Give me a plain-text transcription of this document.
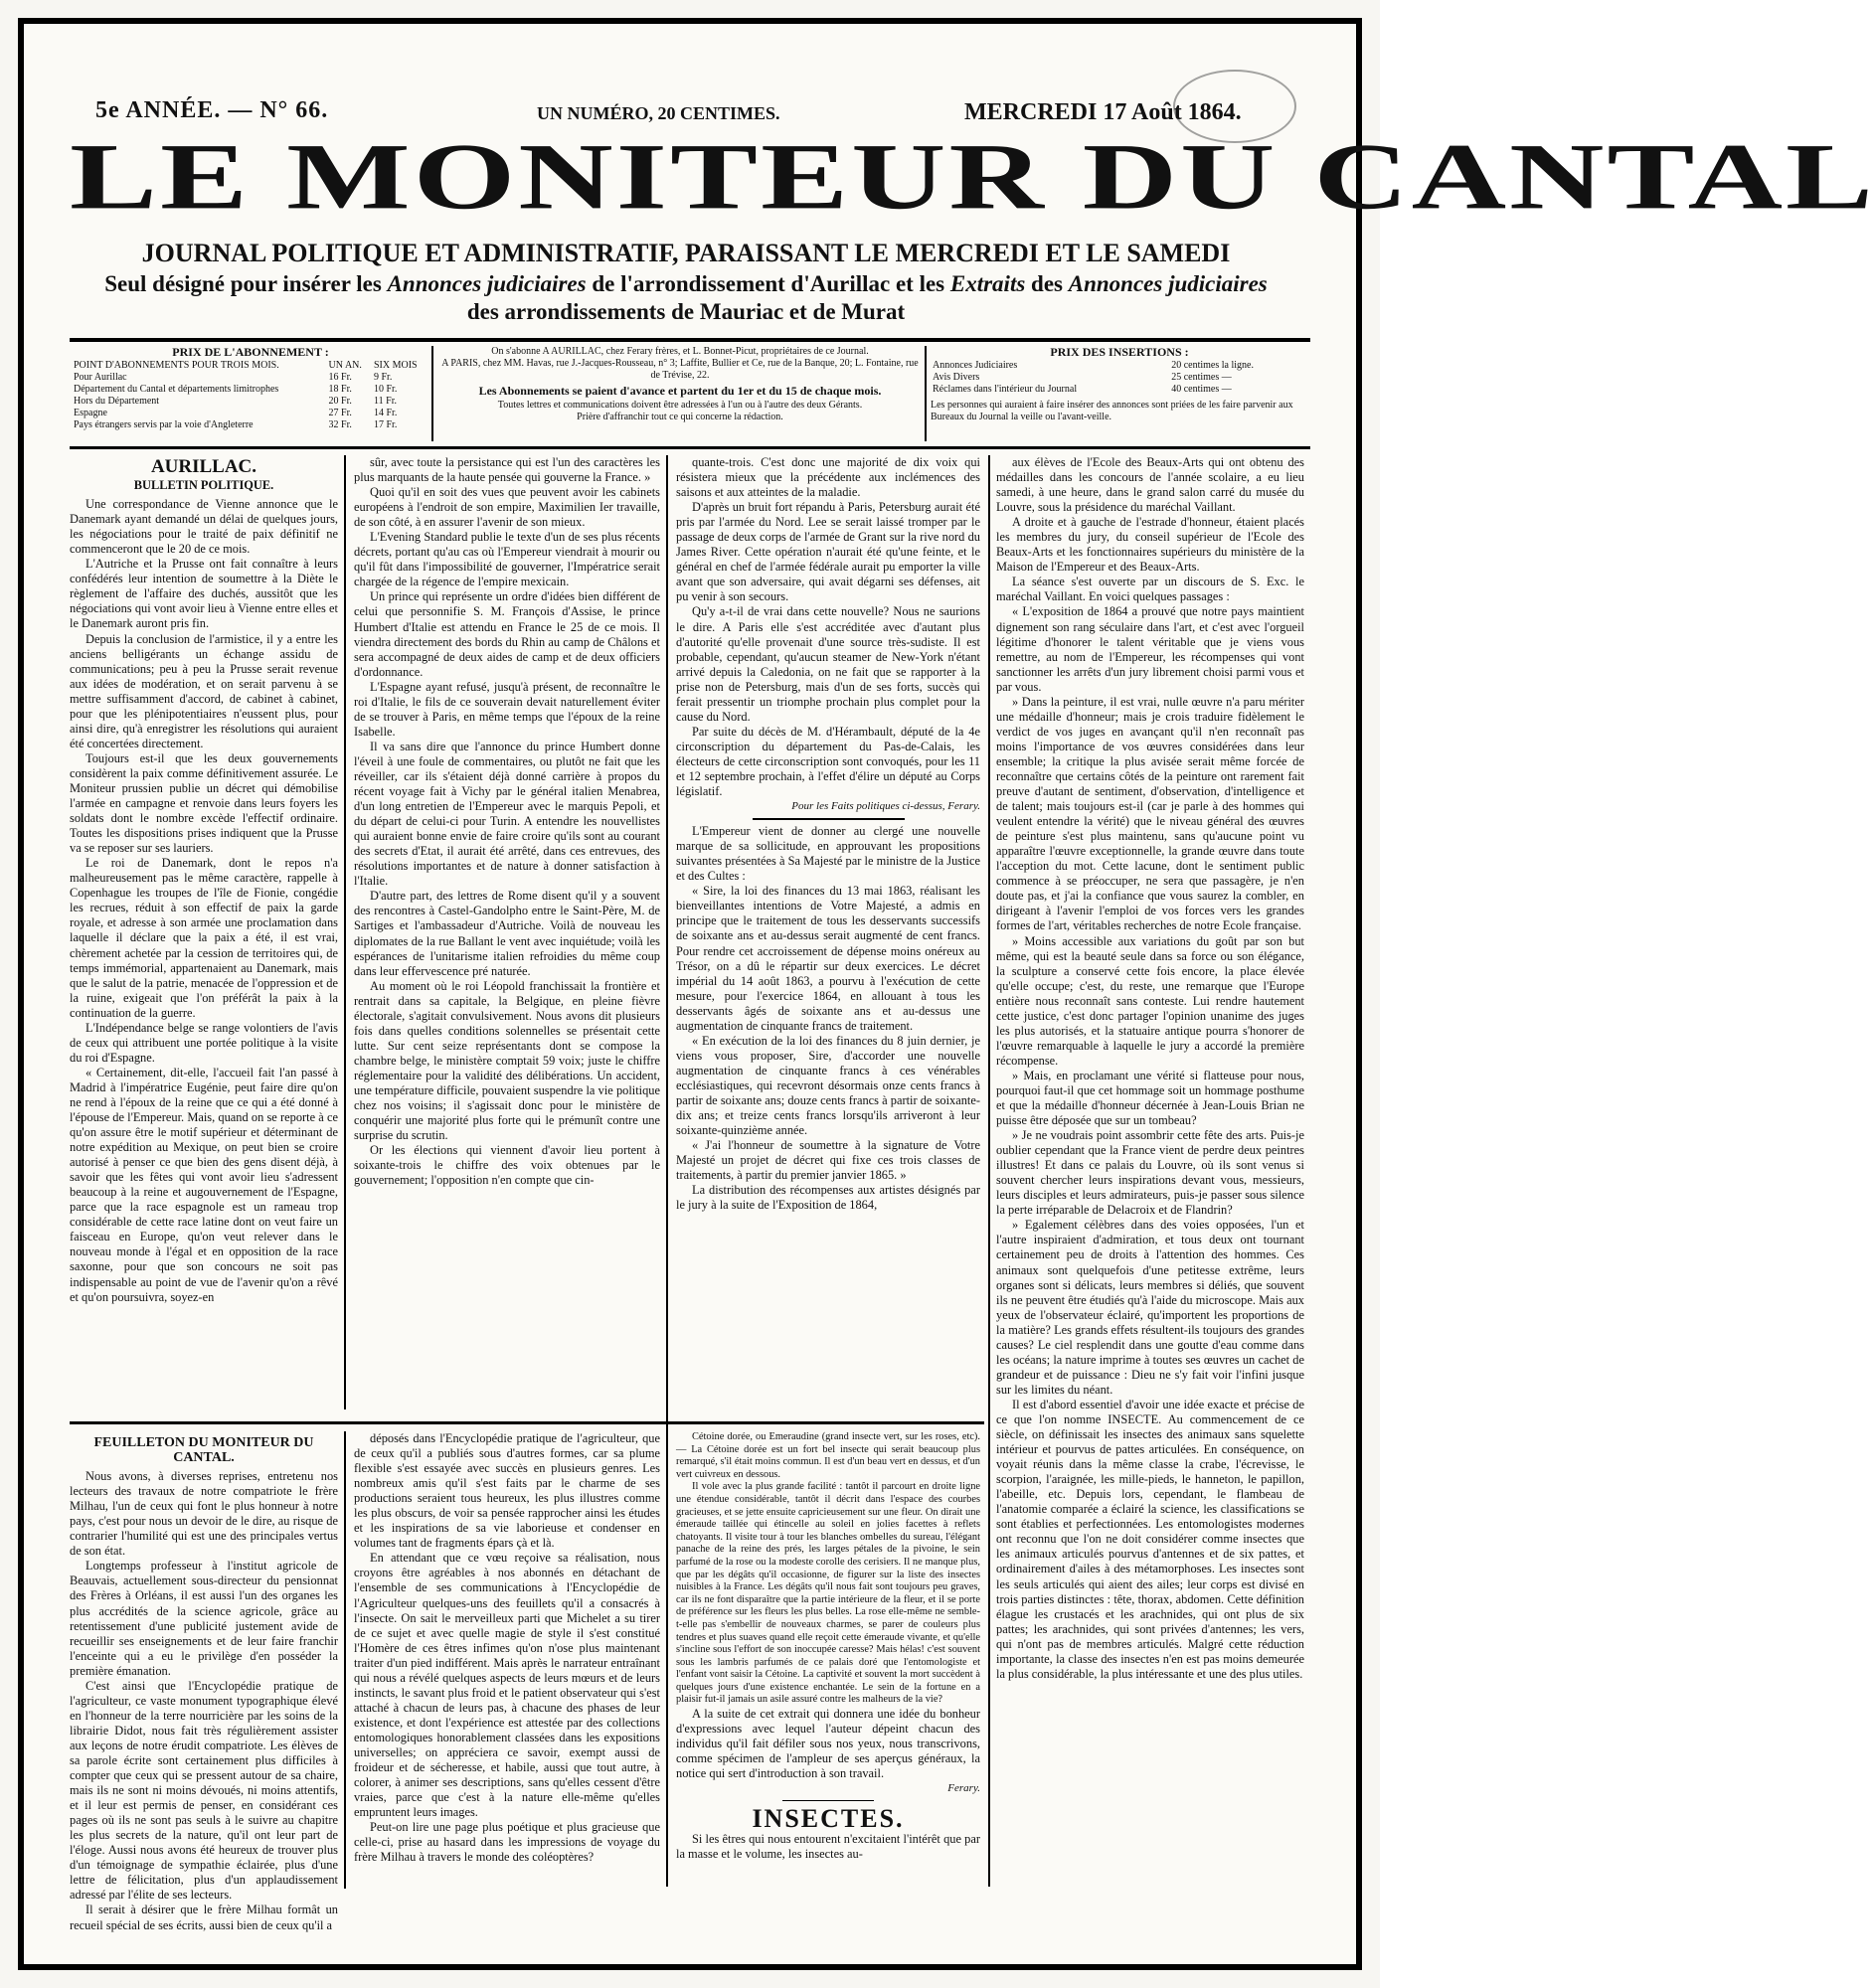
5e ANNÉE. — N° 66.	UN NUMÉRO, 20 CENTIMES.	MERCREDI 17 Août 1864.
LE MONITEUR DU CANTAL
JOURNAL POLITIQUE ET ADMINISTRATIF, PARAISSANT LE MERCREDI ET LE SAMEDI
Seul désigné pour insérer les Annonces judiciaires de l'arrondissement d'Aurillac et les Extraits des Annonces judiciaires
des arrondissements de Mauriac et de Murat
PRIX DE L'ABONNEMENT :
POINT D'ABONNEMENTS POUR TROIS MOIS.	UN AN.	SIX MOIS
Pour Aurillac	16 Fr.	9 Fr.
Département du Cantal et départements limitrophes	18 Fr.	10 Fr.
Hors du Département	20 Fr.	11 Fr.
Espagne	27 Fr.	14 Fr.
Pays étrangers servis par la voie d'Angleterre	32 Fr.	17 Fr.
On s'abonne A AURILLAC, chez Ferary frères, et L. Bonnet-Picut, propriétaires de ce Journal.
A PARIS, chez MM. Havas, rue J.-Jacques-Rousseau, n° 3; Laffite, Bullier et Ce, rue de la Banque, 20; L. Fontaine, rue de Trévise, 22.
Les Abonnements se paient d'avance et partent du 1er et du 15 de chaque mois.
Toutes lettres et communications doivent être adressées à l'un ou à l'autre des deux Gérants.
Prière d'affranchir tout ce qui concerne la rédaction.
PRIX DES INSERTIONS :
Annonces Judiciaires	20 centimes la ligne.
Avis Divers	25 centimes —
Réclames dans l'intérieur du Journal	40 centimes —
Les personnes qui auraient à faire insérer des annonces sont priées de les faire parvenir aux Bureaux du Journal la veille ou l'avant-veille.
AURILLAC.
BULLETIN POLITIQUE.

Une correspondance de Vienne annonce que le Danemark ayant demandé un délai de quelques jours, les négociations pour le traité de paix définitif ne commenceront que le 20 de ce mois.

L'Autriche et la Prusse ont fait connaître à leurs confédérés leur intention de soumettre à la Diète le règlement de l'affaire des duchés, aussitôt que les négociations qui vont avoir lieu à Vienne entre elles et le Danemark auront pris fin.

Depuis la conclusion de l'armistice, il y a entre les anciens belligérants un échange assidu de communications; peu à peu la Prusse serait revenue aux idées de modération, et on serait parvenu à se mettre suffisamment d'accord, de cabinet à cabinet, pour que les plénipotentiaires n'eussent plus, pour ainsi dire, qu'à enregistrer les résolutions qui auraient été concertées directement.

Toujours est-il que les deux gouvernements considèrent la paix comme définitivement assurée. Le Moniteur prussien publie un décret qui démobilise l'armée en campagne et renvoie dans leurs foyers les soldats dont le nombre excède l'effectif ordinaire. Toutes les dispositions prises indiquent que la Prusse va se reposer sur ses lauriers.

Le roi de Danemark, dont le repos n'a malheureusement pas le même caractère, rappelle à Copenhague les troupes de l'île de Fionie, congédie les recrues, réduit à son effectif de paix la garde royale, et adresse à son armée une proclamation dans laquelle il déclare que la paix a été, il est vrai, chèrement achetée par la cession de territoires qui, de temps immémorial, appartenaient au Danemark, mais que le salut de la patrie, menacée de l'oppression et de la ruine, exigeait que l'on préférât la paix à la continuation de la guerre.

L'Indépendance belge se range volontiers de l'avis de ceux qui attribuent une portée politique à la visite du roi d'Espagne.

« Certainement, dit-elle, l'accueil fait l'an passé à Madrid à l'impératrice Eugénie, peut faire dire qu'on ne rend à l'époux de la reine que ce qui a été donné à l'épouse de l'Empereur. Mais, quand on se reporte à ce qu'on assure être le motif supérieur et déterminant de notre expédition au Mexique, on peut bien se croire autorisé à penser ce que bien des gens disent déjà, à savoir que les fêtes qui vont avoir lieu s'adressent beaucoup à la reine et augouvernement de l'Espagne, parce que la race espagnole est un rameau trop considérable de cette race latine dont on veut faire un faisceau en Europe, qu'on veut relever dans le nouveau monde à l'égal et en opposition de la race saxonne, pour que son concours ne soit pas indispensable au point de vue de l'avenir qu'on a rêvé et qu'on poursuivra, soyez-en

sûr, avec toute la persistance qui est l'un des caractères les plus marquants de la haute pensée qui gouverne la France. »

Quoi qu'il en soit des vues que peuvent avoir les cabinets européens à l'endroit de son empire, Maximilien Ier travaille, de son côté, à en assurer l'avenir de son mieux.

L'Evening Standard publie le texte d'un de ses plus récents décrets, portant qu'au cas où l'Empereur viendrait à mourir ou qu'il fût dans l'impossibilité de gouverner, l'Impératrice serait chargée de la régence de l'empire mexicain.

Un prince qui représente un ordre d'idées bien différent de celui que personnifie S. M. François d'Assise, le prince Humbert d'Italie est attendu en France le 25 de ce mois. Il viendra directement des bords du Rhin au camp de Châlons et sera accompagné de deux aides de camp et de deux officiers d'ordonnance.

L'Espagne ayant refusé, jusqu'à présent, de reconnaître le roi d'Italie, le fils de ce souverain devait naturellement éviter de se trouver à Paris, en même temps que l'époux de la reine Isabelle.

Il va sans dire que l'annonce du prince Humbert donne l'éveil à une foule de commentaires, ou plutôt ne fait que les réveiller, car ils s'étaient déjà donné carrière à propos du récent voyage fait à Vichy par le général italien Menabrea, d'un long entretien de l'Empereur avec le marquis Pepoli, et du départ de celui-ci pour Turin. A entendre les nouvellistes qui auraient bonne envie de faire croire qu'ils sont au courant des secrets d'Etat, il aurait été arrêté, dans ces entrevues, des résolutions importantes et de nature à donner satisfaction à l'Italie.

D'autre part, des lettres de Rome disent qu'il y a souvent des rencontres à Castel-Gandolpho entre le Saint-Père, M. de Sartiges et l'ambassadeur d'Autriche. Voilà de nouveau les diplomates de la rue Ballant le vent avec inquiétude; voilà les espérances de l'unitarisme italien refroidies du même coup dans leur effervescence pré naturée.

Au moment où le roi Léopold franchissait la frontière et rentrait dans sa capitale, la Belgique, en pleine fièvre électorale, s'agitait convulsivement. Nous avons dit plusieurs fois dans quelles conditions solennelles se présentait cette lutte. Sur cent seize représentants dont se compose la chambre belge, le ministère comptait 59 voix; juste le chiffre réglementaire pour la validité des délibérations. Un accident, une température difficile, pouvaient suspendre la vie politique chez nos voisins; il s'agissait donc pour le ministère de conquérir une majorité plus forte qui le prémunît contre une surprise du scrutin.

Or les élections qui viennent d'avoir lieu portent à soixante-trois le chiffre des voix obtenues par le gouvernement; l'opposition n'en compte que cin-

quante-trois. C'est donc une majorité de dix voix qui résistera mieux que la précédente aux inclémences des saisons et aux atteintes de la maladie.

D'après un bruit fort répandu à Paris, Petersburg aurait été pris par l'armée du Nord. Lee se serait laissé tromper par le passage de deux corps de l'armée de Grant sur la rive nord du James River. Cette opération n'aurait été qu'une feinte, et le général en chef de l'armée fédérale aurait pu emporter la ville avant que son adversaire, qui avait dégarni ses défenses, ait pu venir à son secours.

Qu'y a-t-il de vrai dans cette nouvelle? Nous ne saurions le dire. A Paris elle s'est accréditée avec d'autant plus d'autorité qu'elle provenait d'une source très-sudiste. Il est probable, cependant, qu'aucun steamer de New-York n'étant arrivé depuis la Caledonia, on ne fait que se rapporter à la prise non de Petersburg, mais d'un de ses forts, succès qui ferait pressentir un triomphe prochain plus complet pour la cause du Nord.

Par suite du décès de M. d'Hérambault, député de la 4e circonscription du département du Pas-de-Calais, les électeurs de cette circonscription sont convoqués, pour les 11 et 12 septembre prochain, à l'effet d'élire un député au Corps législatif.

Pour les Faits politiques ci-dessus, Ferary.

L'Empereur vient de donner au clergé une nouvelle marque de sa sollicitude, en approuvant les propositions suivantes présentées à Sa Majesté par le ministre de la Justice et des Cultes :

« Sire, la loi des finances du 13 mai 1863, réalisant les bienveillantes intentions de Votre Majesté, a admis en principe que le traitement de tous les desservants successifs de soixante ans et au-dessus serait augmenté de cent francs. Pour rendre cet accroissement de dépense moins onéreux au Trésor, on a dû le répartir sur deux exercices. Le décret impérial du 14 août 1863, a pourvu à l'exécution de cette mesure, pour l'exercice 1864, en allouant à tous les desservants âgés de soixante ans et au-dessus une augmentation de cinquante francs de traitement.

« En exécution de la loi des finances du 8 juin dernier, je viens vous proposer, Sire, d'accorder une nouvelle augmentation de cinquante francs à ces vénérables ecclésiastiques, qui recevront désormais onze cents francs à partir de soixante ans; douze cents francs à partir de soixante-dix ans; et treize cents francs lorsqu'ils arriveront à leur soixante-quinzième année.

« J'ai l'honneur de soumettre à la signature de Votre Majesté un projet de décret qui fixe ces trois classes de traitements, à partir du premier janvier 1865. »

La distribution des récompenses aux artistes désignés par le jury à la suite de l'Exposition de 1864,

aux élèves de l'Ecole des Beaux-Arts qui ont obtenu des médailles dans les concours de l'année scolaire, a eu lieu samedi, à une heure, dans le grand salon carré du musée du Louvre, sous la présidence du maréchal Vaillant.

A droite et à gauche de l'estrade d'honneur, étaient placés les membres du jury, du conseil supérieur de l'Ecole des Beaux-Arts et les fonctionnaires supérieurs du ministère de la Maison de l'Empereur et des Beaux-Arts.

La séance s'est ouverte par un discours de S. Exc. le maréchal Vaillant. En voici quelques passages :

« L'exposition de 1864 a prouvé que notre pays maintient dignement son rang séculaire dans l'art, et c'est avec l'orgueil légitime d'honorer le talent véritable que je viens vous remettre, au nom de l'Empereur, les récompenses qui vont sanctionner les arrêts d'un jury librement choisi parmi vous et par vous.

» Dans la peinture, il est vrai, nulle œuvre n'a paru mériter une médaille d'honneur; mais je crois traduire fidèlement le verdict de vos juges en avançant qu'il n'en reconnaît pas moins l'importance de vos œuvres considérées dans leur ensemble; la critique la plus avisée serait même forcée de reconnaître que certains côtés de la peinture ont rarement fait preuve d'autant de sentiment, d'observation, d'intelligence et de talent; mais toujours est-il (car je parle à des hommes qui veulent entendre la vérité) que le niveau général des œuvres de peinture s'est plus maintenu, sans qu'aucune point vu apparaître l'œuvre exceptionnelle, la grande œuvre dans toute l'acception du mot. Cette lacune, dont le sentiment public commence à se préoccuper, ne sera que passagère, je n'en doute pas, et j'ai la confiance que vous saurez la combler, en dirigeant à l'avenir l'emploi de vos forces vers les grandes formes de l'art, véritables recherches de notre Ecole française.

» Moins accessible aux variations du goût par son but même, qui est la beauté seule dans sa force ou son élégance, la sculpture a conservé cette fois encore, la place élevée qu'elle occupe; c'est, du reste, une remarque que l'Europe entière nous reconnaît sans conteste. Lui rendre hautement cette justice, c'est donc partager l'opinion unanime des juges les plus autorisés, et la statuaire antique pourra s'honorer de l'œuvre remarquable à laquelle le jury a accordé la première récompense.

» Mais, en proclamant une vérité si flatteuse pour nous, pourquoi faut-il que cet hommage soit un hommage posthume et que la médaille d'honneur décernée à Jean-Louis Brian ne puisse être déposée que sur un tombeau?

» Je ne voudrais point assombrir cette fête des arts. Puis-je oublier cependant que la France vient de perdre deux peintres illustres! Et dans ce palais du Louvre, où ils sont venus si souvent chercher leurs inspirations devant vous, messieurs, leurs disciples et leurs admirateurs, puis-je passer sous silence la perte irréparable de Delacroix et de Flandrin?

» Egalement célèbres dans des voies opposées, l'un et l'autre inspiraient d'admiration, et tous deux ont tournant certainement peu de droits à l'attention des hommes. Ces animaux sont quelquefois d'une petitesse extrême, leurs organes sont si délicats, leurs membres si déliés, que souvent ils ne peuvent être étudiés qu'à l'aide du microscope. Mais aux yeux de l'observateur éclairé, qu'importent les proportions de la matière? Les grands effets résultent-ils toujours des grandes causes? Le ciel resplendit dans une goutte d'eau comme dans les océans; la nature imprime à toutes ses œuvres un cachet de grandeur et de puissance : Dieu ne s'y fait voir l'infini jusque sur les limites du néant.

Il est d'abord essentiel d'avoir une idée exacte et précise de ce que l'on nomme INSECTE. Au commencement de ce siècle, on définissait les insectes des animaux sans squelette intérieur et pourvus de pattes articulées. En conséquence, on voyait réunis dans la même classe la crabe, l'écrevisse, le scorpion, l'araignée, les mille-pieds, le hanneton, le papillon, l'abeille, etc. Depuis lors, cependant, le flambeau de l'anatomie comparée a éclairé la science, les classifications se sont établies et perfectionnées. Les entomologistes modernes ont reconnu que l'on ne doit considérer comme insectes que les animaux articulés pourvus d'antennes et de six pattes, et ordinairement d'ailes à des métamorphoses. Les insectes sont les seuls articulés qui aient des ailes; leur corps est divisé en trois parties distinctes : tête, thorax, abdomen. Cette définition élague les crustacés et les arachnides, qui ont plus de six pattes; les arachnides, qui sont privées d'antennes; les vers, qui n'ont pas de membres articulés. Malgré cette réduction importante, la classe des insectes n'en est pas moins demeurée la plus considérable, la plus intéressante et une des plus utiles.

FEUILLETON DU MONITEUR DU CANTAL.

Nous avons, à diverses reprises, entretenu nos lecteurs des travaux de notre compatriote le frère Milhau, l'un de ceux qui font le plus honneur à notre pays, c'est pour nous un devoir de le dire, au risque de contrarier l'humilité qui est une des principales vertus de son état.

Longtemps professeur à l'institut agricole de Beauvais, actuellement sous-directeur du pensionnat des Frères à Orléans, il est aussi l'un des organes les plus accrédités de la science agricole, grâce au retentissement d'une publicité justement avide de recueillir ses enseignements et de leur faire franchir l'enceinte qui a eu le privilège d'en posséder la première émanation.

C'est ainsi que l'Encyclopédie pratique de l'agriculteur, ce vaste monument typographique élevé en l'honneur de la terre nourricière par les soins de la librairie Didot, nous fait très régulièrement assister aux leçons de notre érudit compatriote. Les élèves de sa parole écrite sont certainement plus difficiles à compter que ceux qui se pressent autour de sa chaire, mais ils ne sont ni moins dévoués, ni moins attentifs, et il leur est permis de penser, en considérant ces pages où ils ne sont pas seuls à le suivre au chapitre les plus secrets de la nature, qu'il ont leur part de l'éloge. Aussi nous avons été heureux de trouver plus d'un témoignage de sympathie éclairée, plus d'une lettre de félicitation, plus d'un applaudissement adressé par l'élite de ses lecteurs.

Il serait à désirer que le frère Milhau formât un recueil spécial de ses écrits, aussi bien de ceux qu'il a

déposés dans l'Encyclopédie pratique de l'agriculteur, que de ceux qu'il a publiés sous d'autres formes, car sa plume flexible s'est essayée avec succès en plusieurs genres. Les nombreux amis qu'il s'est faits par le charme de ses productions seraient tous heureux, les plus illustres comme les plus obscurs, de voir sa pensée rapprocher ainsi les études et les inspirations de sa vie laborieuse et condenser en volumes tant de fragments épars çà et là.

En attendant que ce vœu reçoive sa réalisation, nous croyons être agréables à nos abonnés en détachant de l'ensemble de ses communications à l'Encyclopédie de l'Agriculteur quelques-uns des feuillets qu'il a consacrés à l'insecte. On sait le merveilleux parti que Michelet a su tirer de ce sujet et avec quelle magie de style il s'est constitué l'Homère de ces êtres infimes qu'on n'ose plus maintenant traiter d'un pied indifférent. Mais après le narrateur entraînant qui nous a révélé quelques aspects de leurs mœurs et de leurs instincts, le savant plus froid et le patient observateur qui s'est attaché à chacun de leurs pas, à chacune des phases de leur existence, et dont l'expérience est attestée par des collections entomologiques honorablement classées dans les expositions universelles; on appréciera ce savoir, exempt aussi de froideur et de sécheresse, et habile, aussi que tout autre, à colorer, à animer ses descriptions, sans qu'elles cessent d'être vraies, parce que c'est à la nature elle-même qu'elles empruntent leurs images.

Peut-on lire une page plus poétique et plus gracieuse que celle-ci, prise au hasard dans les impressions de voyage du frère Milhau à travers le monde des coléoptères?

Cétoine dorée, ou Emeraudine (grand insecte vert, sur les roses, etc). — La Cétoine dorée est un fort bel insecte qui serait beaucoup plus remarqué, s'il était moins commun. Il est d'un beau vert en dessus, et d'un vert cuivreux en dessous.

Il vole avec la plus grande facilité : tantôt il parcourt en droite ligne une étendue considérable, tantôt il décrit dans l'espace des courbes gracieuses, et se jette ensuite capricieusement sur une fleur. On dirait une émeraude taillée qui étincelle au soleil en jolies facettes à reflets chatoyants. Il visite tour à tour les blanches ombelles du sureau, l'élégant panache de la reine des prés, les larges pétales de la pivoine, le sein parfumé de la rose ou la modeste corolle des cerisiers. Il ne manque plus, que par les dégâts qu'il occasionne, de figurer sur la liste des insectes nuisibles à la France. Les dégâts qu'il nous fait sont toujours peu graves, car ils ne font disparaître que la partie intérieure de la fleur, et il se porte de préférence sur les fleurs les plus belles. La rose elle-même ne semble-t-elle pas s'embellir de nouveaux charmes, se parer de couleurs plus tendres et plus suaves quand elle reçoit cette émeraude vivante, et qu'elle s'incline sous l'effort de son inoccupée caresse? Mais hélas! c'est souvent sous les lambris parfumés de ce palais doré que l'entomologiste et l'enfant vont saisir la Cétoine. La captivité et souvent la mort succèdent à quelques jours d'une existence enchantée. Le sein de la fortune en a plaisir fut-il jamais un asile assuré contre les malheurs de la vie?

A la suite de cet extrait qui donnera une idée du bonheur d'expressions avec lequel l'auteur dépeint chacun des individus qu'il fait défiler sous nos yeux, nous transcrivons, comme spécimen de l'ampleur de ses aperçus généraux, la notice qui sert d'introduction à son travail.

Ferary.
INSECTES.

Si les êtres qui nous entourent n'excitaient l'intérêt que par la masse et le volume, les insectes au-
